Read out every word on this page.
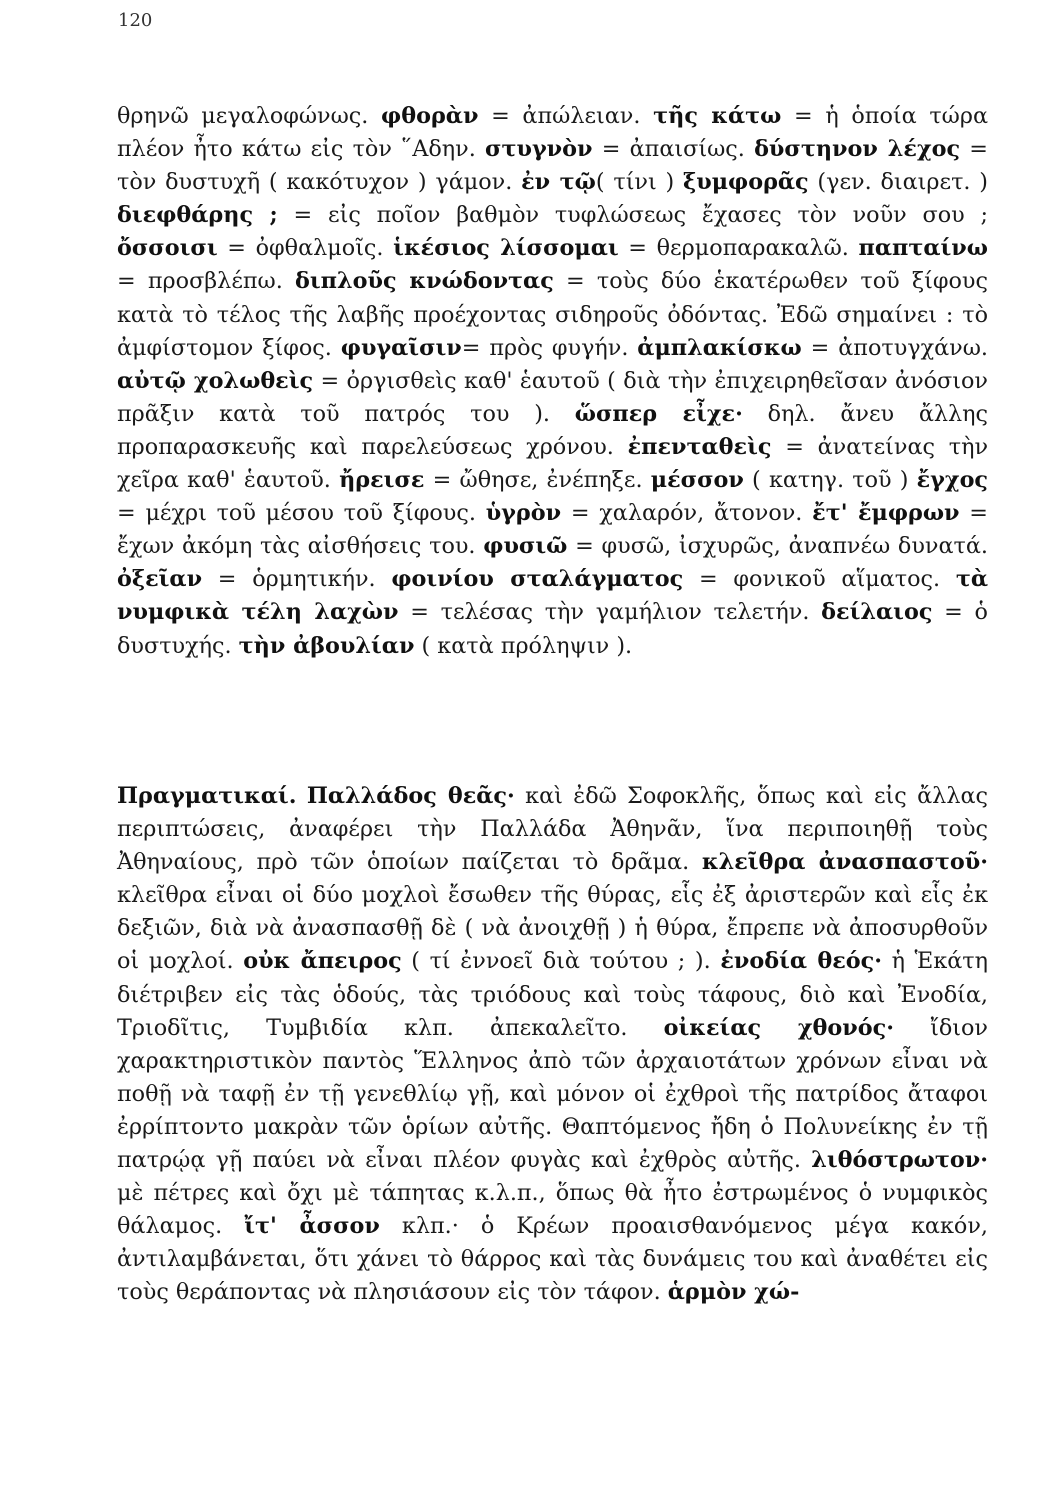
120
θρηνῶ μεγαλοφώνως. φθορὰν = ἀπώλειαν. τῆς κάτω = ἡ ὁποία τώρα πλέον ἦτο κάτω εἰς τὸν ῞Αδην. στυγνὸν = ἀπαισίως. δύστηνον λέχος = τὸν δυστυχῆ ( κακότυχον ) γάμον. ἐν τῷ( τίνι ) ξυμφορᾶς (γεν. διαιρετ. ) διεφθάρης ; = εἰς ποῖον βαθμὸν τυφλώσεως ἔχασες τὸν νοῦν σου ; ὄσσοισι = ὀφθαλμοῖς. ἱκέσιος λίσσομαι = θερμοπαρακαλῶ. παπταίνω = προσβλέπω. διπλοῦς κνώδοντας = τοὺς δύο ἑκατέρωθεν τοῦ ξίφους κατὰ τὸ τέλος τῆς λαβῆς προέχοντας σιδηροῦς ὀδόντας. Ἐδῶ σημαίνει : τὸ ἀμφίστομον ξίφος. φυγαῖσιν= πρὸς φυγήν. ἀμπλακίσκω = ἀποτυγχάνω. αὐτῷ χολωθεὶς = ὀργισθεὶς καθ' ἑαυτοῦ ( διὰ τὴν ἐπιχειρηθεῖσαν ἀνόσιον πρᾶξιν κατὰ τοῦ πατρός του ). ὥσπερ εἶχε· δηλ. ἄνευ ἄλλης προπαρασκευῆς καὶ παρελεύσεως χρόνου. ἐπενταθεὶς = ἀνατείνας τὴν χεῖρα καθ' ἑαυτοῦ. ἤρεισε = ὤθησε, ἐνέπηξε. μέσσον ( κατηγ. τοῦ ) ἔγχος = μέχρι τοῦ μέσου τοῦ ξίφους. ὑγρὸν = χαλαρόν, ἄτονον. ἔτ' ἔμφρων = ἔχων ἀκόμη τὰς αἰσθήσεις του. φυσιῶ = φυσῶ, ἰσχυρῶς, ἀναπνέω δυνατά. ὀξεῖαν = ὁρμητικήν. φοινίου σταλάγματος = φονικοῦ αἵματος. τὰ νυμφικὰ τέλη λαχὼν = τελέσας τὴν γαμήλιον τελετήν. δείλαιος = ὁ δυστυχής. τὴν ἀβουλίαν ( κατὰ πρόληψιν ).
Πραγματικαί. Παλλάδος θεᾶς· καὶ ἐδῶ Σοφοκλῆς, ὅπως καὶ εἰς ἄλλας περιπτώσεις, ἀναφέρει τὴν Παλλάδα Ἀθηνᾶν, ἵνα περιποιηθῇ τοὺς Ἀθηναίους, πρὸ τῶν ὁποίων παίζεται τὸ δρᾶμα. κλεῖθρα ἀνασπαστοῦ· κλεῖθρα εἶναι οἱ δύο μοχλοὶ ἔσωθεν τῆς θύρας, εἷς ἐξ ἀριστερῶν καὶ εἷς ἐκ δεξιῶν, διὰ νὰ ἀνασπασθῇ δὲ ( νὰ ἀνοιχθῇ ) ἡ θύρα, ἔπρεπε νὰ ἀποσυρθοῦν οἱ μοχλοί. οὐκ ἄπειρος ( τί ἐννοεῖ διὰ τούτου ; ). ἐνοδία θεός· ἡ Ἑκάτη διέτριβεν εἰς τὰς ὁδούς, τὰς τριόδους καὶ τοὺς τάφους, διὸ καὶ Ἐνοδία, Τριοδῖτις, Τυμβιδία κλπ. ἀπεκαλεῖτο. οἰκείας χθονός· ἴδιον χαρακτηριστικὸν παντὸς Ἕλληνος ἀπὸ τῶν ἀρχαιοτάτων χρόνων εἶναι νὰ ποθῇ νὰ ταφῇ ἐν τῇ γενεθλίῳ γῇ, καὶ μόνον οἱ ἐχθροὶ τῆς πατρίδος ἄταφοι ἐρρίπτοντο μακρὰν τῶν ὁρίων αὐτῆς. Θαπτόμενος ἤδη ὁ Πολυνείκης ἐν τῇ πατρῴᾳ γῇ παύει νὰ εἶναι πλέον φυγὰς καὶ ἐχθρὸς αὐτῆς. λιθόστρωτον· μὲ πέτρες καὶ ὄχι μὲ τάπητας κ.λ.π., ὅπως θὰ ἦτο ἐστρωμένος ὁ νυμφικὸς θάλαμος. ἴτ' ἆσσον κλπ.· ὁ Κρέων προαισθανόμενος μέγα κακόν, ἀντιλαμβάνεται, ὅτι χάνει τὸ θάρρος καὶ τὰς δυνάμεις του καὶ ἀναθέτει εἰς τοὺς θεράποντας νὰ πλησιάσουν εἰς τὸν τάφον. ἁρμὸν χώ-
